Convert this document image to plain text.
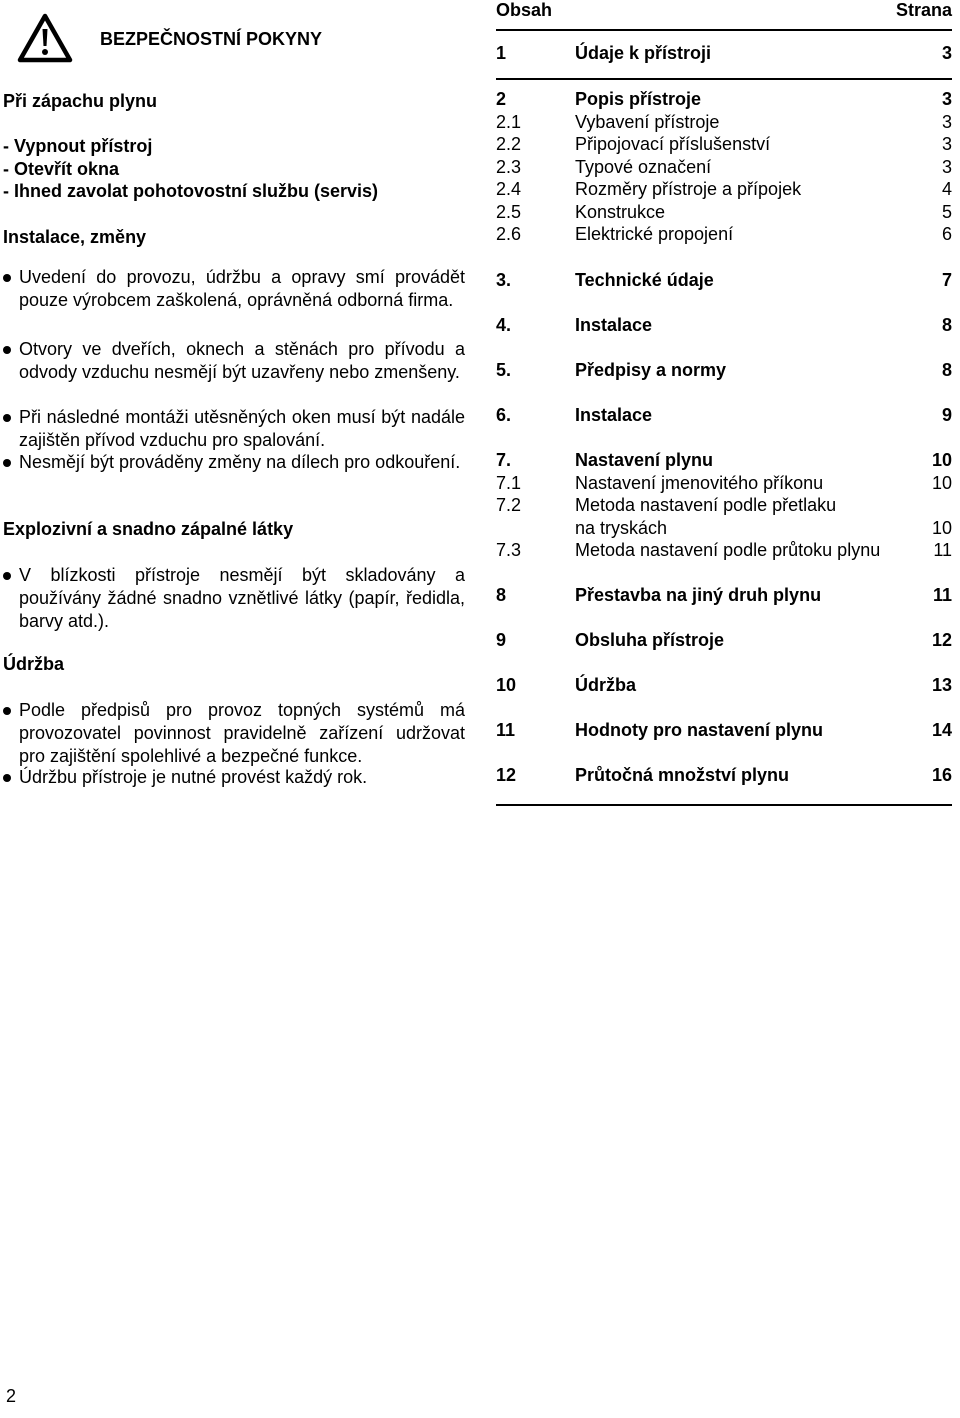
BEZPEČNOSTNÍ POKYNY
Při zápachu plynu
- Vypnout přístroj
- Otevřít okna
- Ihned zavolat pohotovostní službu (servis)
Instalace, změny
Uvedení do provozu, údržbu a opravy smí provádět pouze výrobcem zaškolená, oprávněná odborná firma.
Otvory ve dveřích, oknech a stěnách pro přívodu a odvody vzduchu nesmějí být uzavřeny nebo zmenšeny.
Při následné montáži utěsněných oken musí být nadále zajištěn přívod vzduchu pro spalování.
Nesmějí být prováděny změny na dílech pro odkouření.
Explozivní a snadno zápalné látky
V blízkosti přístroje nesmějí být skladovány a používány žádné snadno vznětlivé látky (papír, ředidla, barvy atd.).
Údržba
Podle předpisů pro provoz topných systémů má provozovatel povinnost pravidelně zařízení udržovat pro zajištění spolehlivé a bezpečné funkce.
Údržbu přístroje je nutné provést každý rok.
Obsah	Strana
1	Údaje k přístroji	3
2	Popis přístroje	3
2.1	Vybavení přístroje	3
2.2	Připojovací příslušenství	3
2.3	Typové označení	3
2.4	Rozměry přístroje a přípojek	4
2.5	Konstrukce	5
2.6	Elektrické propojení	6
3.	Technické údaje	7
4.	Instalace	8
5.	Předpisy a normy	8
6.	Instalace	9
7.	Nastavení plynu	10
7.1	Nastavení jmenovitého příkonu	10
7.2	Metoda nastavení podle přetlaku
na tryskách	10
7.3	Metoda nastavení podle průtoku plynu	11
8	Přestavba na jiný druh plynu	11
9	Obsluha přístroje	12
10	Údržba	13
11	Hodnoty pro nastavení plynu	14
12	Průtočná množství plynu	16
2
